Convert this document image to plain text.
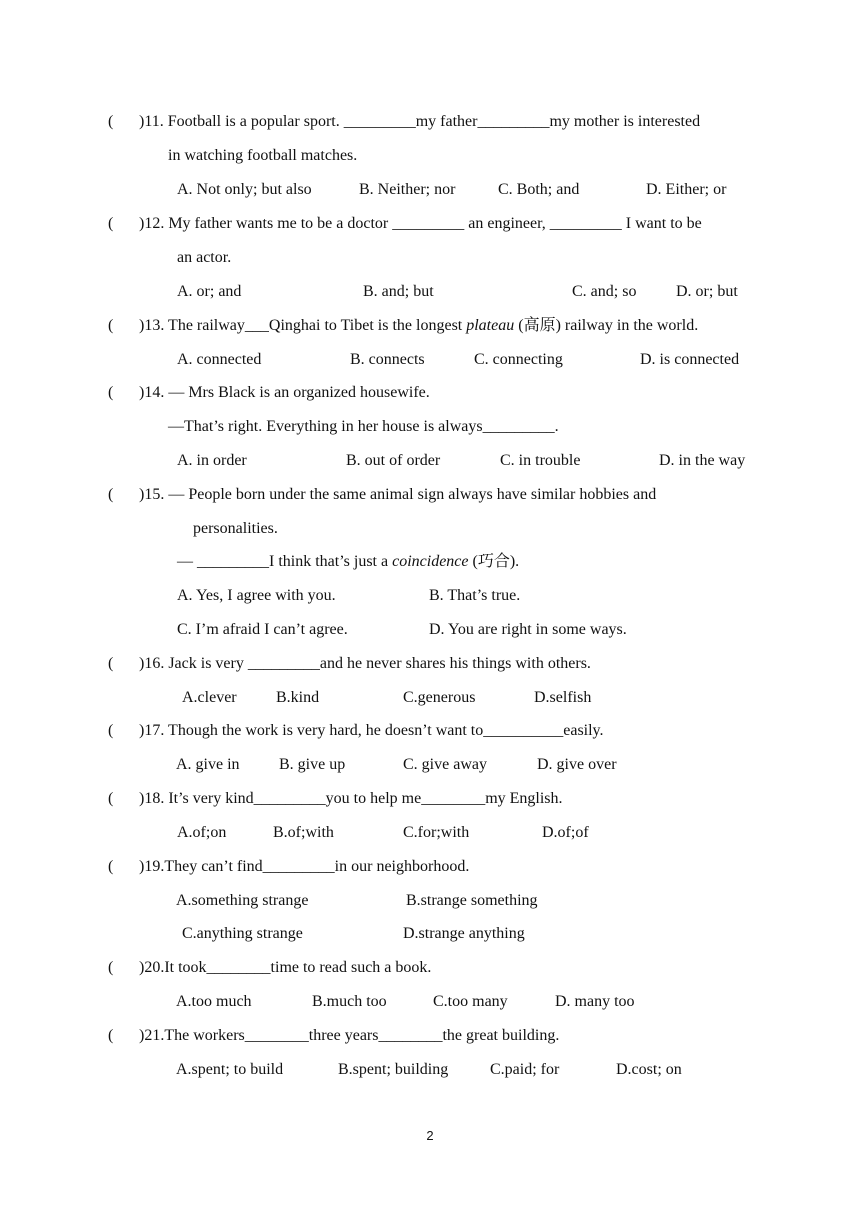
( )11. Football is a popular sport. _________my father_________my mother is interested
in watching football matches.
A. Not only; but also	B. Neither; nor	C. Both; and	D. Either; or
( )12. My father wants me to be a doctor _________ an engineer, _________ I want to be
an actor.
A. or; and	B. and; but	C. and; so D. or; but
( )13. The railway___Qinghai to Tibet is the longest plateau (高原) railway in the world.
A. connected	B. connects	C. connecting	D. is connected
( )14. — Mrs Black is an organized housewife.
—That’s right. Everything in her house is always_________.
A. in order	B. out of order	C. in trouble	D. in the way
( )15. — People born under the same animal sign always have similar hobbies and
personalities.
— _________I think that’s just a coincidence (巧合).
A. Yes, I agree with you.	B. That’s true.
C. I’m afraid I can’t agree.	D. You are right in some ways.
( )16. Jack is very _________and he never shares his things with others.
A.clever B.kind	C.generous	D.selfish
( )17. Though the work is very hard, he doesn’t want to__________easily.
A. give in B. give up	C. give away	D. give over
( )18. It’s very kind_________you to help me________my English.
A.of;on	B.of;with	C.for;with	D.of;of
( )19.They can’t find_________in our neighborhood.
A.something strange	B.strange something
C.anything strange	D.strange anything
( )20.It took________time to read such a book.
A.too much	B.much too	C.too many	D. many too
( )21.The workers________three years________the great building.
A.spent; to build	B.spent; building	C.paid; for	D.cost; on
2
